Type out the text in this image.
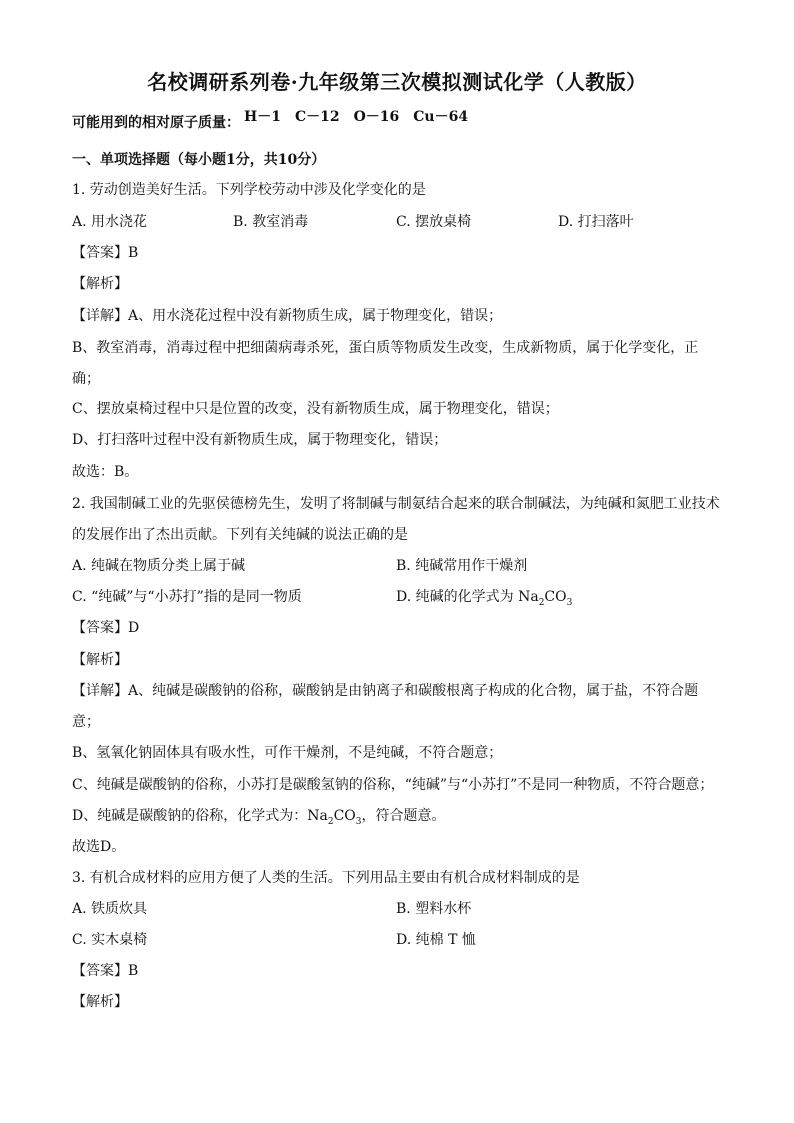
名校调研系列卷·九年级第三次模拟测试化学（人教版）
可能用到的相对原子质量： H－1 C－12 O－16 Cu－64
一、单项选择题（每小题1分，共10分）
1. 劳动创造美好生活。下列学校劳动中涉及化学变化的是
A. 用水浇花	B. 教室消毒	C. 摆放桌椅	D. 打扫落叶
【答案】B
【解析】
【详解】A、用水浇花过程中没有新物质生成，属于物理变化，错误；
B、教室消毒，消毒过程中把细菌病毒杀死，蛋白质等物质发生改变，生成新物质，属于化学变化，正
确；
C、摆放桌椅过程中只是位置的改变，没有新物质生成，属于物理变化，错误；
D、打扫落叶过程中没有新物质生成，属于物理变化，错误；
故选：B。
2. 我国制碱工业的先驱侯德榜先生，发明了将制碱与制氨结合起来的联合制碱法，为纯碱和氮肥工业技术
的发展作出了杰出贡献。下列有关纯碱的说法正确的是
A. 纯碱在物质分类上属于碱	B. 纯碱常用作干燥剂
C. “纯碱”与“小苏打”指的是同一物质	D. 纯碱的化学式为 $Na_2CO_3$
【答案】D
【解析】
【详解】A、纯碱是碳酸钠的俗称，碳酸钠是由钠离子和碳酸根离子构成的化合物，属于盐，不符合题
意；
B、氢氧化钠固体具有吸水性，可作干燥剂，不是纯碱，不符合题意；
C、纯碱是碳酸钠的俗称，小苏打是碳酸氢钠的俗称，“纯碱”与“小苏打”不是同一种物质，不符合题意；
D、纯碱是碳酸钠的俗称，化学式为：$Na_2CO_3$，符合题意。
故选D。
3. 有机合成材料的应用方便了人类的生活。下列用品主要由有机合成材料制成的是
A. 铁质炊具	B. 塑料水杯
C. 实木桌椅	D. 纯棉 T 恤
【答案】B
【解析】
